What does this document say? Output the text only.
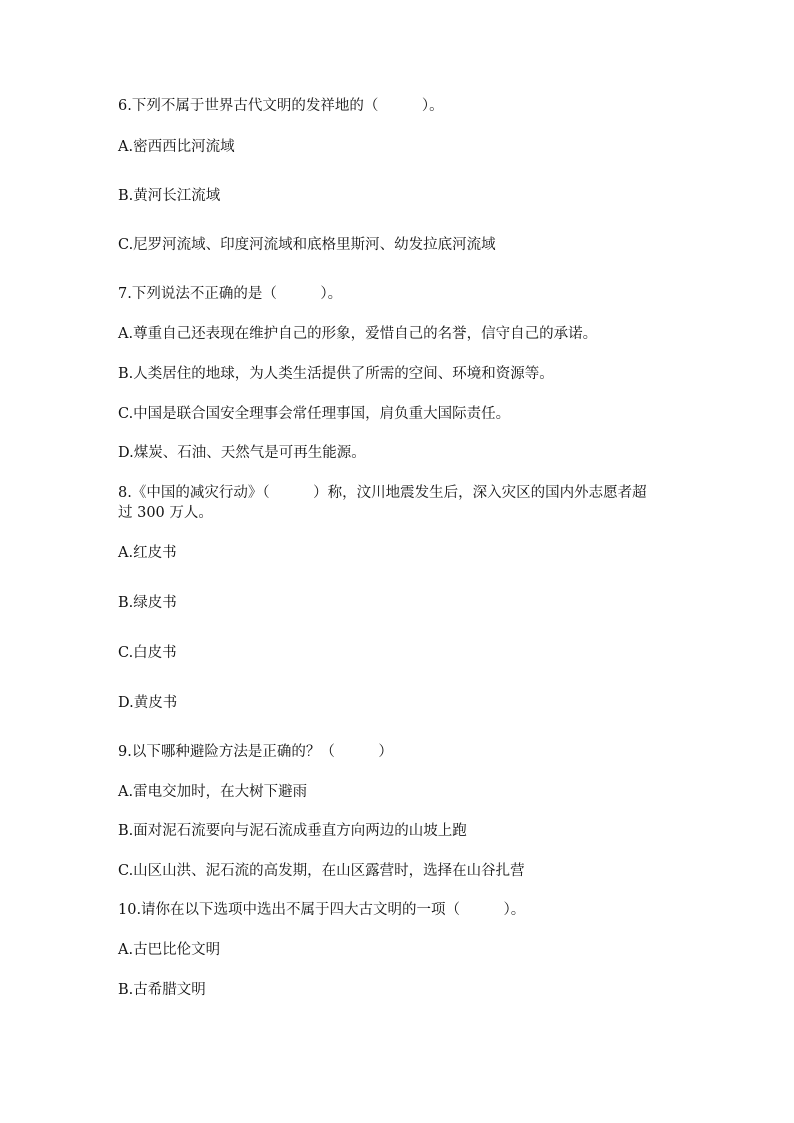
6.下列不属于世界古代文明的发祥地的（　　　）。
A.密西西比河流域
B.黄河长江流域
C.尼罗河流域、印度河流域和底格里斯河、幼发拉底河流域
7.下列说法不正确的是（　　　）。
A.尊重自己还表现在维护自己的形象，爱惜自己的名誉，信守自己的承诺。
B.人类居住的地球，为人类生活提供了所需的空间、环境和资源等。
C.中国是联合国安全理事会常任理事国，肩负重大国际责任。
D.煤炭、石油、天然气是可再生能源。
8.《中国的减灾行动》（　　　）称，汶川地震发生后，深入灾区的国内外志愿者超过 300 万人。
A.红皮书
B.绿皮书
C.白皮书
D.黄皮书
9.以下哪种避险方法是正确的？（　　　）
A.雷电交加时，在大树下避雨
B.面对泥石流要向与泥石流成垂直方向两边的山坡上跑
C.山区山洪、泥石流的高发期，在山区露营时，选择在山谷扎营
10.请你在以下选项中选出不属于四大古文明的一项（　　　）。
A.古巴比伦文明
B.古希腊文明
